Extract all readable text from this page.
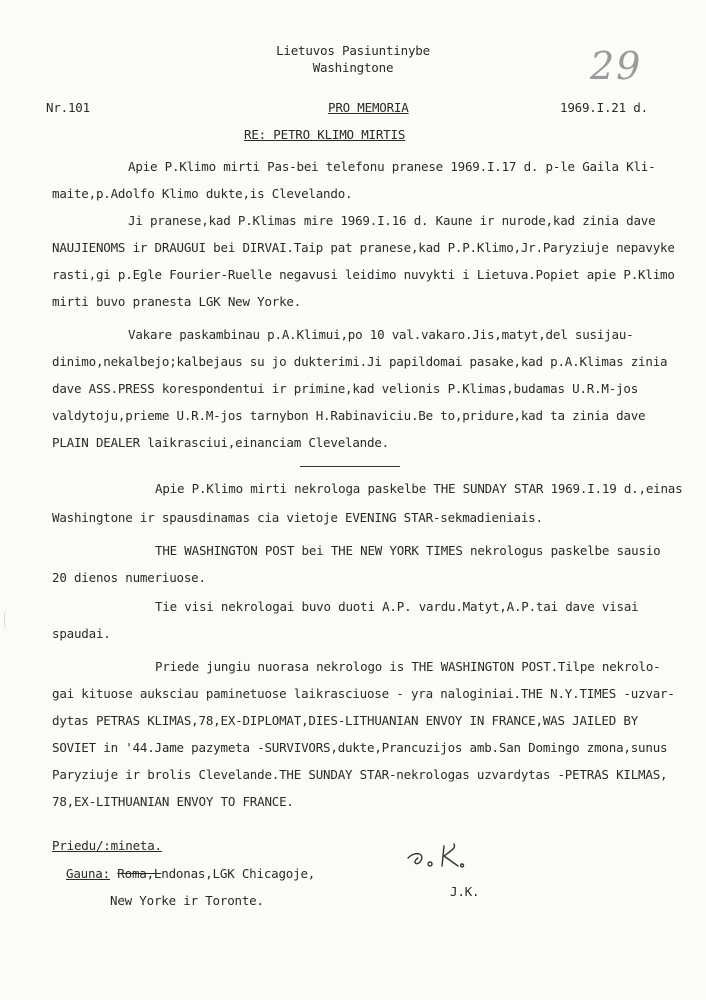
Lietuvos Pasiuntinybe
Washingtone	29
Nr.101	PRO MEMORIA	1969.I.21 d.
RE: PETRO KLIMO MIRTIS
Apie P.Klimo mirti Pas-bei telefonu pranese 1969.I.17 d. p-le Gaila Kli-
maite,p.Adolfo Klimo dukte,is Clevelando.
Ji pranese,kad P.Klimas mire 1969.I.16 d. Kaune ir nurode,kad zinia dave
NAUJIENOMS ir DRAUGUI bei DIRVAI.Taip pat pranese,kad P.P.Klimo,Jr.Paryziuje nepavyke
rasti,gi p.Egle Fourier-Ruelle negavusi leidimo nuvykti i Lietuva.Popiet apie P.Klimo
mirti buvo pranesta LGK New Yorke.
Vakare paskambinau p.A.Klimui,po 10 val.vakaro.Jis,matyt,del susijau-
dinimo,nekalbejo;kalbejaus su jo dukterimi.Ji papildomai pasake,kad p.A.Klimas zinia
dave ASS.PRESS korespondentui ir primine,kad velionis P.Klimas,budamas U.R.M-jos
valdytoju,prieme U.R.M-jos tarnybon H.Rabinaviciu.Be to,pridure,kad ta zinia dave
PLAIN DEALER laikrasciui,einanciam Clevelande.
Apie P.Klimo mirti nekrologa paskelbe THE SUNDAY STAR 1969.I.19 d.,einas
Washingtone ir spausdinamas cia vietoje EVENING STAR-sekmadieniais.
THE WASHINGTON POST bei THE NEW YORK TIMES nekrologus paskelbe sausio
20 dienos numeriuose.
Tie visi nekrologai buvo duoti A.P. vardu.Matyt,A.P.tai dave visai
spaudai.
Priede jungiu nuorasa nekrologo is THE WASHINGTON POST.Tilpe nekrolo-
gai kituose auksciau paminetuose laikrasciuose - yra naloginiai.THE N.Y.TIMES -uzvar-
dytas PETRAS KLIMAS,78,EX-DIPLOMAT,DIES-LITHUANIAN ENVOY IN FRANCE,WAS JAILED BY
SOVIET in '44.Jame pazymeta -SURVIVORS,dukte,Prancuzijos amb.San Domingo zmona,sunus
Paryziuje ir brolis Clevelande.THE SUNDAY STAR-nekrologas uzvardytas -PETRAS KILMAS,
78,EX-LITHUANIAN ENVOY TO FRANCE.
Priedu/:mineta.
Gauna: Roma,Lndonas,LGK Chicagoje,
New Yorke ir Toronte.
J.K.
